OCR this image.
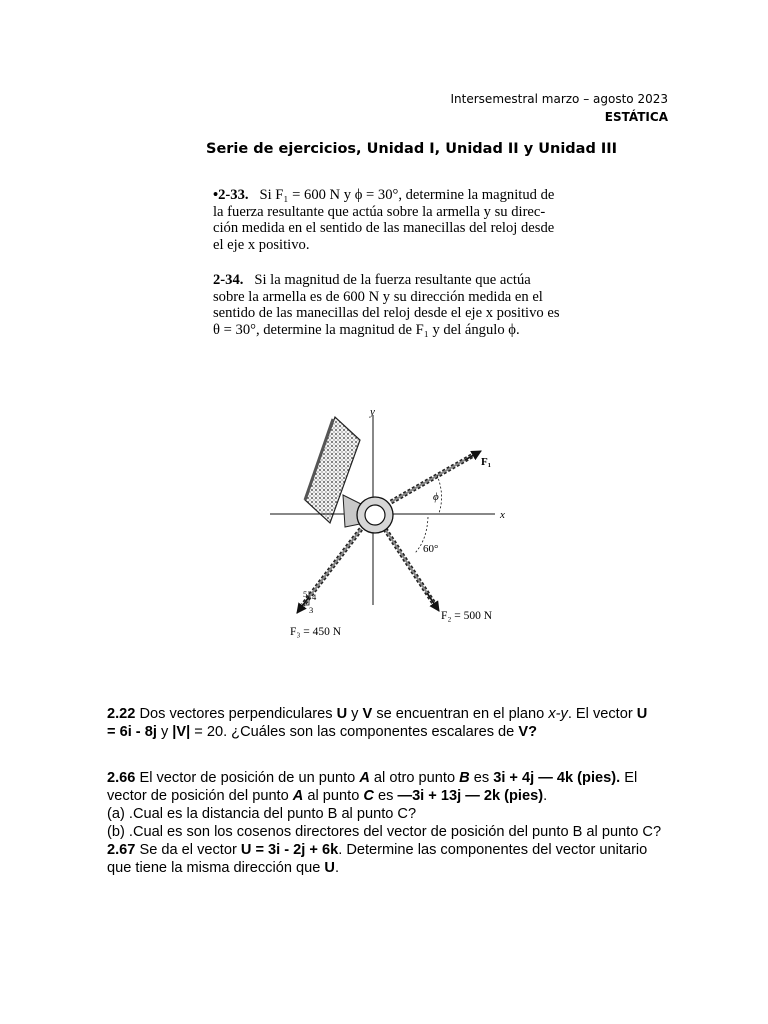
Intersemestral marzo – agosto 2023
ESTÁTICA
Serie de ejercicios, Unidad I, Unidad II y Unidad III
•2-33. Si F₁ = 600 N y ϕ = 30°, determine la magnitud de
la fuerza resultante que actúa sobre la armella y su direc-
ción medida en el sentido de las manecillas del reloj desde
el eje x positivo.
2-34. Si la magnitud de la fuerza resultante que actúa
sobre la armella es de 600 N y su dirección medida en el
sentido de las manecillas del reloj desde el eje x positivo es
θ = 30°, determine la magnitud de F₁ y del ángulo ϕ.
y
x
5 4
3
F₁
ϕ
60°
F₂ = 500 N
F₃ = 450 N
2.22 Dos vectores perpendiculares U y V se encuentran en el plano x-y. El vector U
= 6i - 8j y |V| = 20. ¿Cuáles son las componentes escalares de V?
2.66 El vector de posición de un punto A al otro punto B es 3i + 4j — 4k (pies). El
vector de posición del punto A al punto C es —3i + 13j — 2k (pies).
(a) .Cual es la distancia del punto B al punto C?
(b) .Cual es son los cosenos directores del vector de posición del punto B al punto C?
2.67 Se da el vector U = 3i - 2j + 6k. Determine las componentes del vector unitario
que tiene la misma dirección que U.
